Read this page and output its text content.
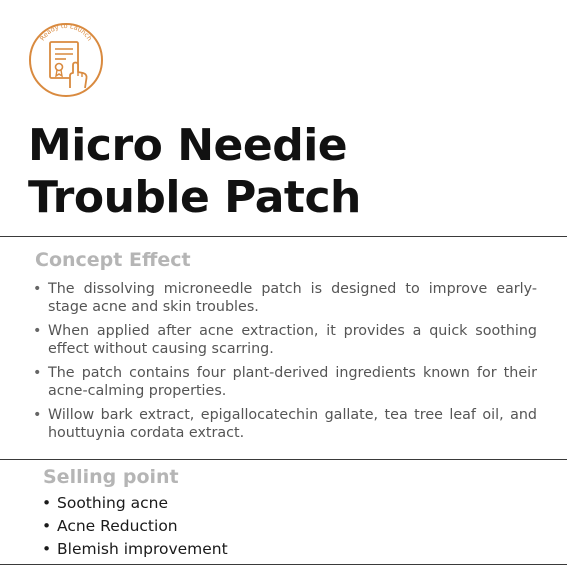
Ready to Launch
Micro Needie
Trouble Patch
Concept Effect
• The dissolving microneedle patch is designed to improve early-stage acne and skin troubles.
• When applied after acne extraction, it provides a quick soothing effect without causing scarring.
• The patch contains four plant-derived ingredients known for their acne-calming properties.
• Willow bark extract, epigallocatechin gallate, tea tree leaf oil, and houttuynia cordata extract.
Selling point
• Soothing acne
• Acne Reduction
• Blemish improvement
